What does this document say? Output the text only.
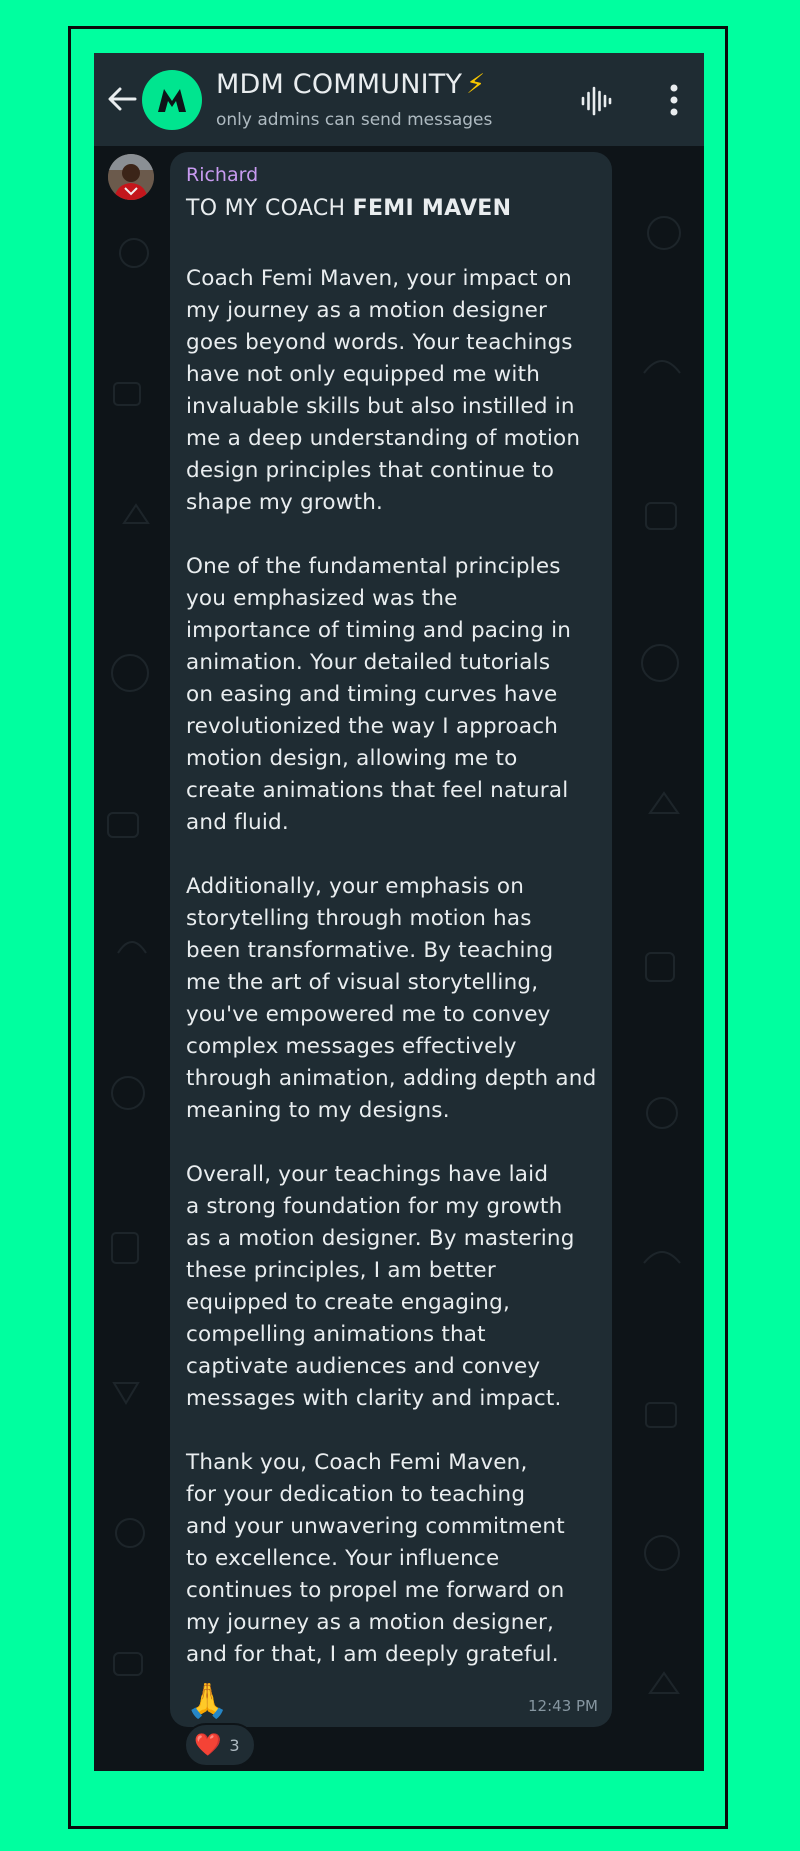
MDM COMMUNITY ⚡
only admins can send messages
Richard
TO MY COACH FEMI MAVEN
Coach Femi Maven, your impact on
my journey as a motion designer
goes beyond words. Your teachings
have not only equipped me with
invaluable skills but also instilled in
me a deep understanding of motion
design principles that continue to
shape my growth.
One of the fundamental principles
you emphasized was the
importance of timing and pacing in
animation. Your detailed tutorials
on easing and timing curves have
revolutionized the way I approach
motion design, allowing me to
create animations that feel natural
and fluid.
Additionally, your emphasis on
storytelling through motion has
been transformative. By teaching
me the art of visual storytelling,
you've empowered me to convey
complex messages effectively
through animation, adding depth and
meaning to my designs.
Overall, your teachings have laid
a strong foundation for my growth
as a motion designer. By mastering
these principles, I am better
equipped to create engaging,
compelling animations that
captivate audiences and convey
messages with clarity and impact.
Thank you, Coach Femi Maven,
for your dedication to teaching
and your unwavering commitment
to excellence. Your influence
continues to propel me forward on
my journey as a motion designer,
and for that, I am deeply grateful.
🙏	12:43 PM
❤️ 3
